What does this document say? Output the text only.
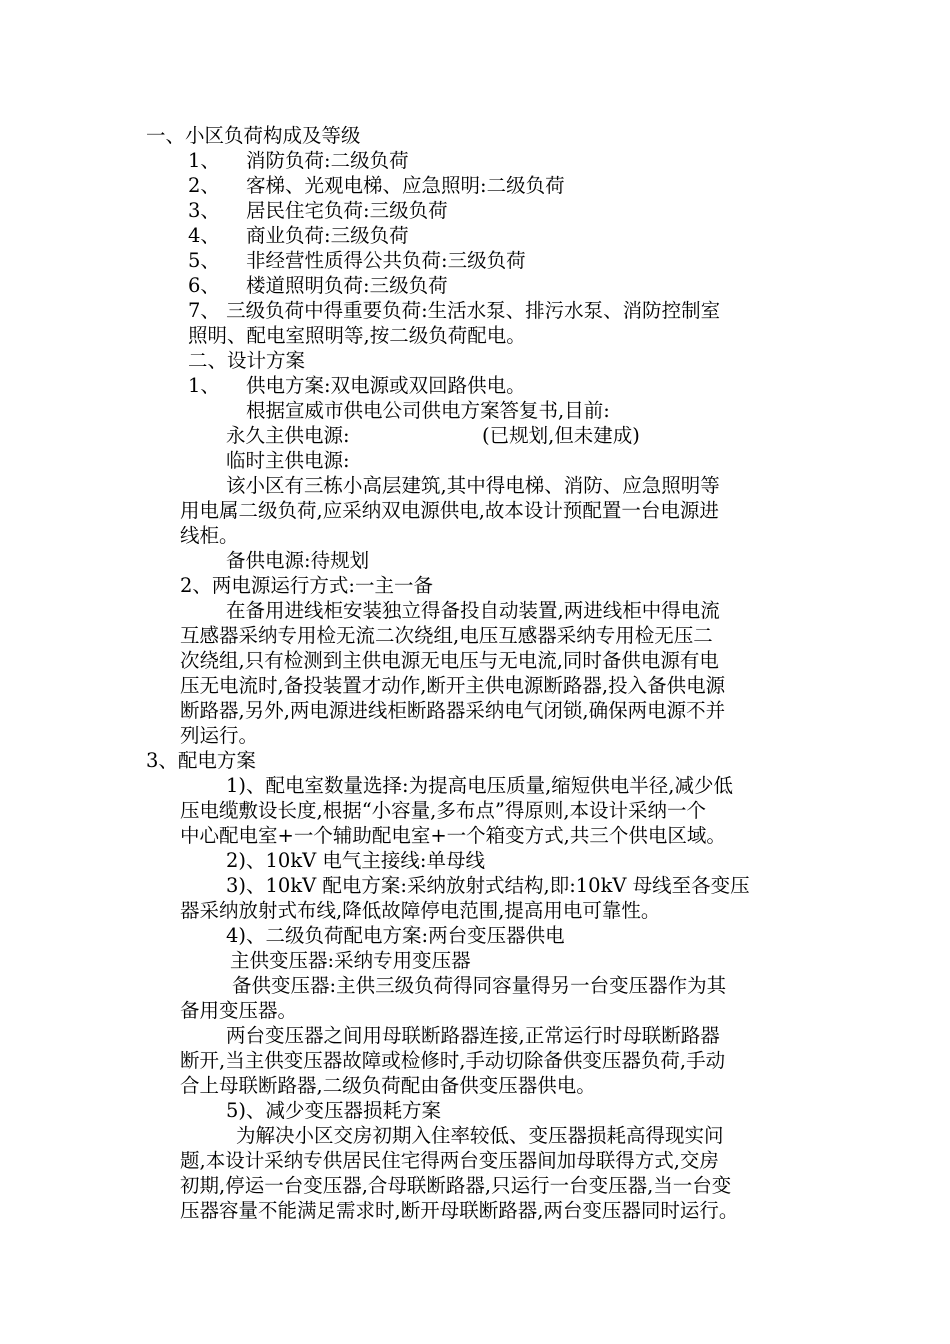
一、小区负荷构成及等级
1、 消防负荷:二级负荷
2、 客梯、光观电梯、应急照明:二级负荷
3、 居民住宅负荷:三级负荷
4、 商业负荷:三级负荷
5、 非经营性质得公共负荷:三级负荷
6、 楼道照明负荷:三级负荷
7、 三级负荷中得重要负荷:生活水泵、排污水泵、消防控制室
照明、配电室照明等,按二级负荷配电。
二、设计方案
1、 供电方案:双电源或双回路供电。
根据宣威市供电公司供电方案答复书,目前:
永久主供电源:	(已规划,但未建成)
临时主供电源:
该小区有三栋小高层建筑,其中得电梯、消防、应急照明等
用电属二级负荷,应采纳双电源供电,故本设计预配置一台电源进
线柜。
备供电源:待规划
2、两电源运行方式:一主一备
在备用进线柜安装独立得备投自动装置,两进线柜中得电流
互感器采纳专用检无流二次绕组,电压互感器采纳专用检无压二
次绕组,只有检测到主供电源无电压与无电流,同时备供电源有电
压无电流时,备投装置才动作,断开主供电源断路器,投入备供电源
断路器,另外,两电源进线柜断路器采纳电气闭锁,确保两电源不并
列运行。
3、配电方案
1)、配电室数量选择:为提高电压质量,缩短供电半径,减少低
压电缆敷设长度,根据“小容量,多布点”得原则,本设计采纳一个
中心配电室+一个辅助配电室+一个箱变方式,共三个供电区域。
2)、10kV 电气主接线:单母线
3)、10kV 配电方案:采纳放射式结构,即:10kV 母线至各变压
器采纳放射式布线,降低故障停电范围,提高用电可靠性。
4)、二级负荷配电方案:两台变压器供电
主供变压器:采纳专用变压器
备供变压器:主供三级负荷得同容量得另一台变压器作为其
备用变压器。
两台变压器之间用母联断路器连接,正常运行时母联断路器
断开,当主供变压器故障或检修时,手动切除备供变压器负荷,手动
合上母联断路器,二级负荷配由备供变压器供电。
5)、减少变压器损耗方案
为解决小区交房初期入住率较低、变压器损耗高得现实问
题,本设计采纳专供居民住宅得两台变压器间加母联得方式,交房
初期,停运一台变压器,合母联断路器,只运行一台变压器,当一台变
压器容量不能满足需求时,断开母联断路器,两台变压器同时运行。
